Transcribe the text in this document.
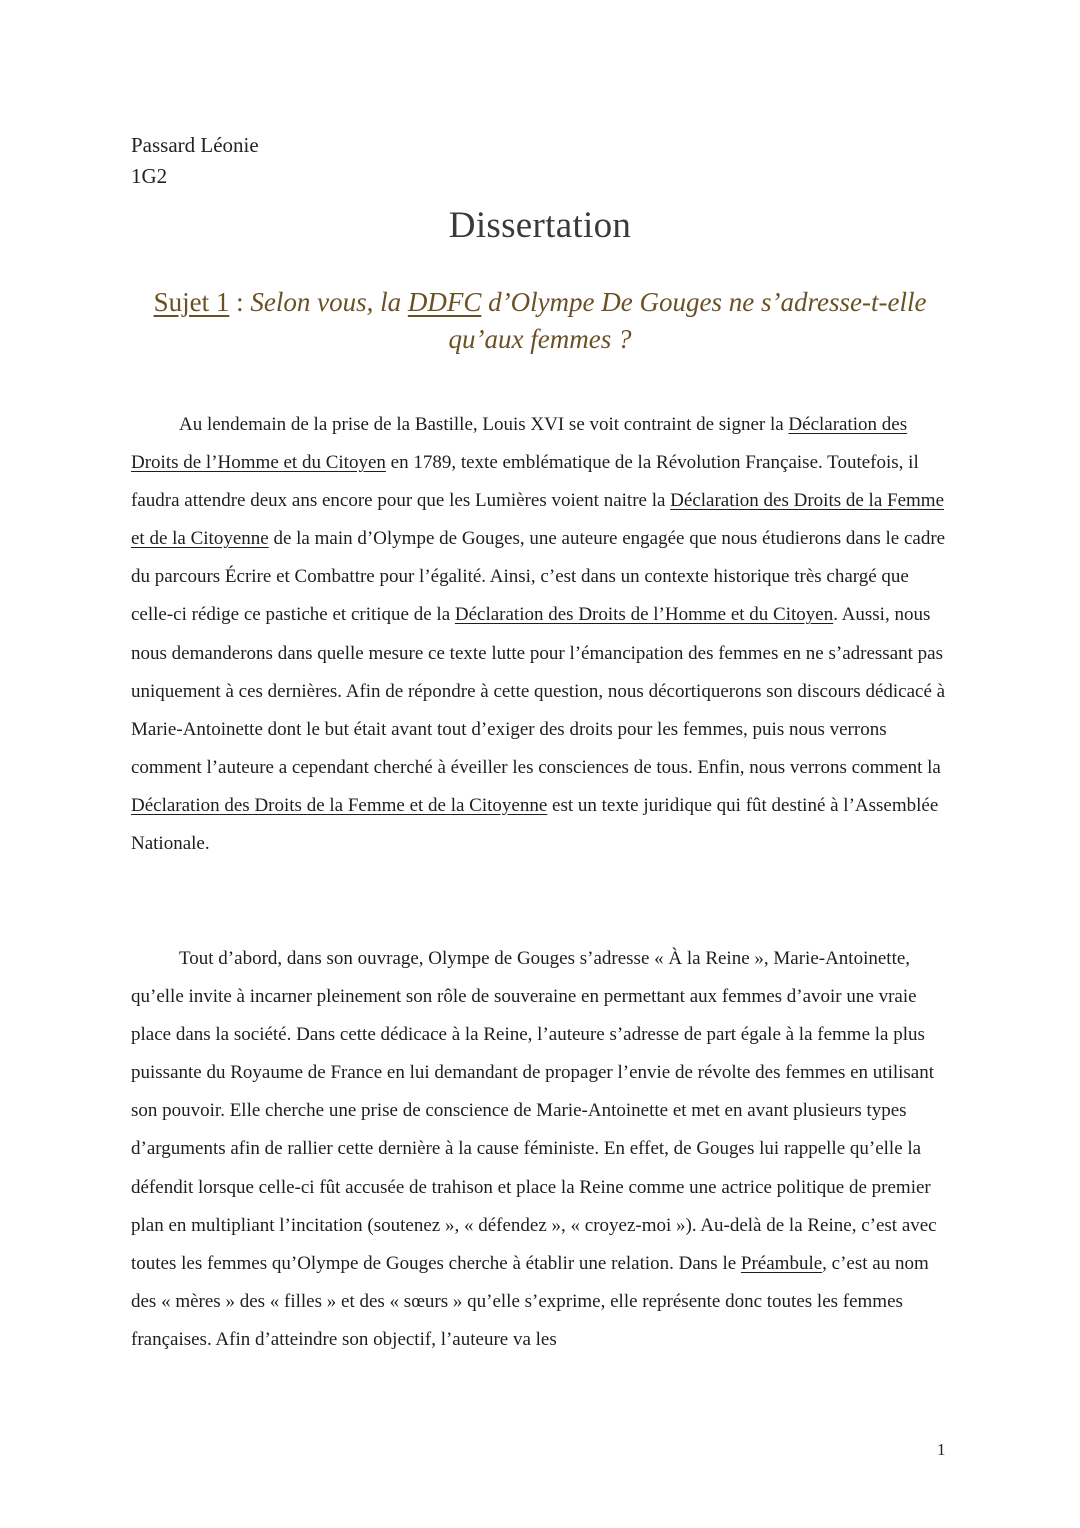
Passard Léonie
1G2
Dissertation
Sujet 1 : Selon vous, la DDFC d’Olympe De Gouges ne s’adresse-t-elle qu’aux femmes ?
Au lendemain de la prise de la Bastille, Louis XVI se voit contraint de signer la Déclaration des Droits de l’Homme et du Citoyen en 1789, texte emblématique de la Révolution Française. Toutefois, il faudra attendre deux ans encore pour que les Lumières voient naitre la Déclaration des Droits de la Femme et de la Citoyenne de la main d’Olympe de Gouges, une auteure engagée que nous étudierons dans le cadre du parcours Écrire et Combattre pour l’égalité. Ainsi, c’est dans un contexte historique très chargé que celle-ci rédige ce pastiche et critique de la Déclaration des Droits de l’Homme et du Citoyen. Aussi, nous nous demanderons dans quelle mesure ce texte lutte pour l’émancipation des femmes en ne s’adressant pas uniquement à ces dernières. Afin de répondre à cette question, nous décortiquerons son discours dédicacé à Marie-Antoinette dont le but était avant tout d’exiger des droits pour les femmes, puis nous verrons comment l’auteure a cependant cherché à éveiller les consciences de tous. Enfin, nous verrons comment la Déclaration des Droits de la Femme et de la Citoyenne est un texte juridique qui fût destiné à l’Assemblée Nationale.
Tout d’abord, dans son ouvrage, Olympe de Gouges s’adresse « À la Reine », Marie-Antoinette, qu’elle invite à incarner pleinement son rôle de souveraine en permettant aux femmes d’avoir une vraie place dans la société. Dans cette dédicace à la Reine, l’auteure s’adresse de part égale à la femme la plus puissante du Royaume de France en lui demandant de propager l’envie de révolte des femmes en utilisant son pouvoir. Elle cherche une prise de conscience de Marie-Antoinette et met en avant plusieurs types d’arguments afin de rallier cette dernière à la cause féministe. En effet, de Gouges lui rappelle qu’elle la défendit lorsque celle-ci fût accusée de trahison et place la Reine comme une actrice politique de premier plan en multipliant l’incitation (soutenez », « défendez », « croyez-moi »). Au-delà de la Reine, c’est avec toutes les femmes qu’Olympe de Gouges cherche à établir une relation. Dans le Préambule, c’est au nom des « mères » des « filles » et des « sœurs » qu’elle s’exprime, elle représente donc toutes les femmes françaises. Afin d’atteindre son objectif, l’auteure va les
1
